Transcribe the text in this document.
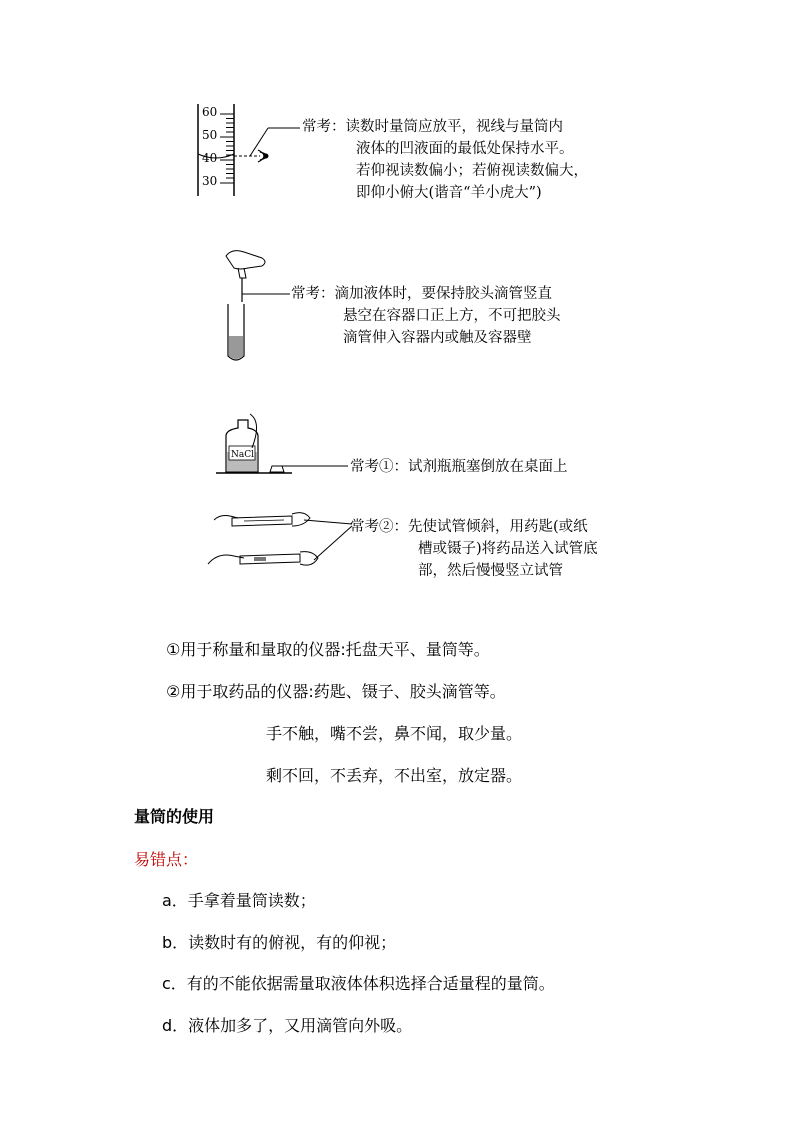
60
50
40
30
常考：读数时量筒应放平，视线与量筒内
液体的凹液面的最低处保持水平。
若仰视读数偏小；若俯视读数偏大，
即仰小俯大(谐音“羊小虎大”)
常考：滴加液体时，要保持胶头滴管竖直
悬空在容器口正上方，不可把胶头
滴管伸入容器内或触及容器壁
NaCl
常考①：试剂瓶瓶塞倒放在桌面上
常考②：先使试管倾斜，用药匙(或纸
槽或镊子)将药品送入试管底
部，然后慢慢竖立试管
①用于称量和量取的仪器:托盘天平、量筒等。
②用于取药品的仪器:药匙、镊子、胶头滴管等。
手不触，嘴不尝，鼻不闻，取少量。
剩不回，不丢弃，不出室，放定器。
量筒的使用
易错点：
a．手拿着量筒读数；
b．读数时有的俯视，有的仰视；
c．有的不能依据需量取液体体积选择合适量程的量筒。
d．液体加多了，又用滴管向外吸。
